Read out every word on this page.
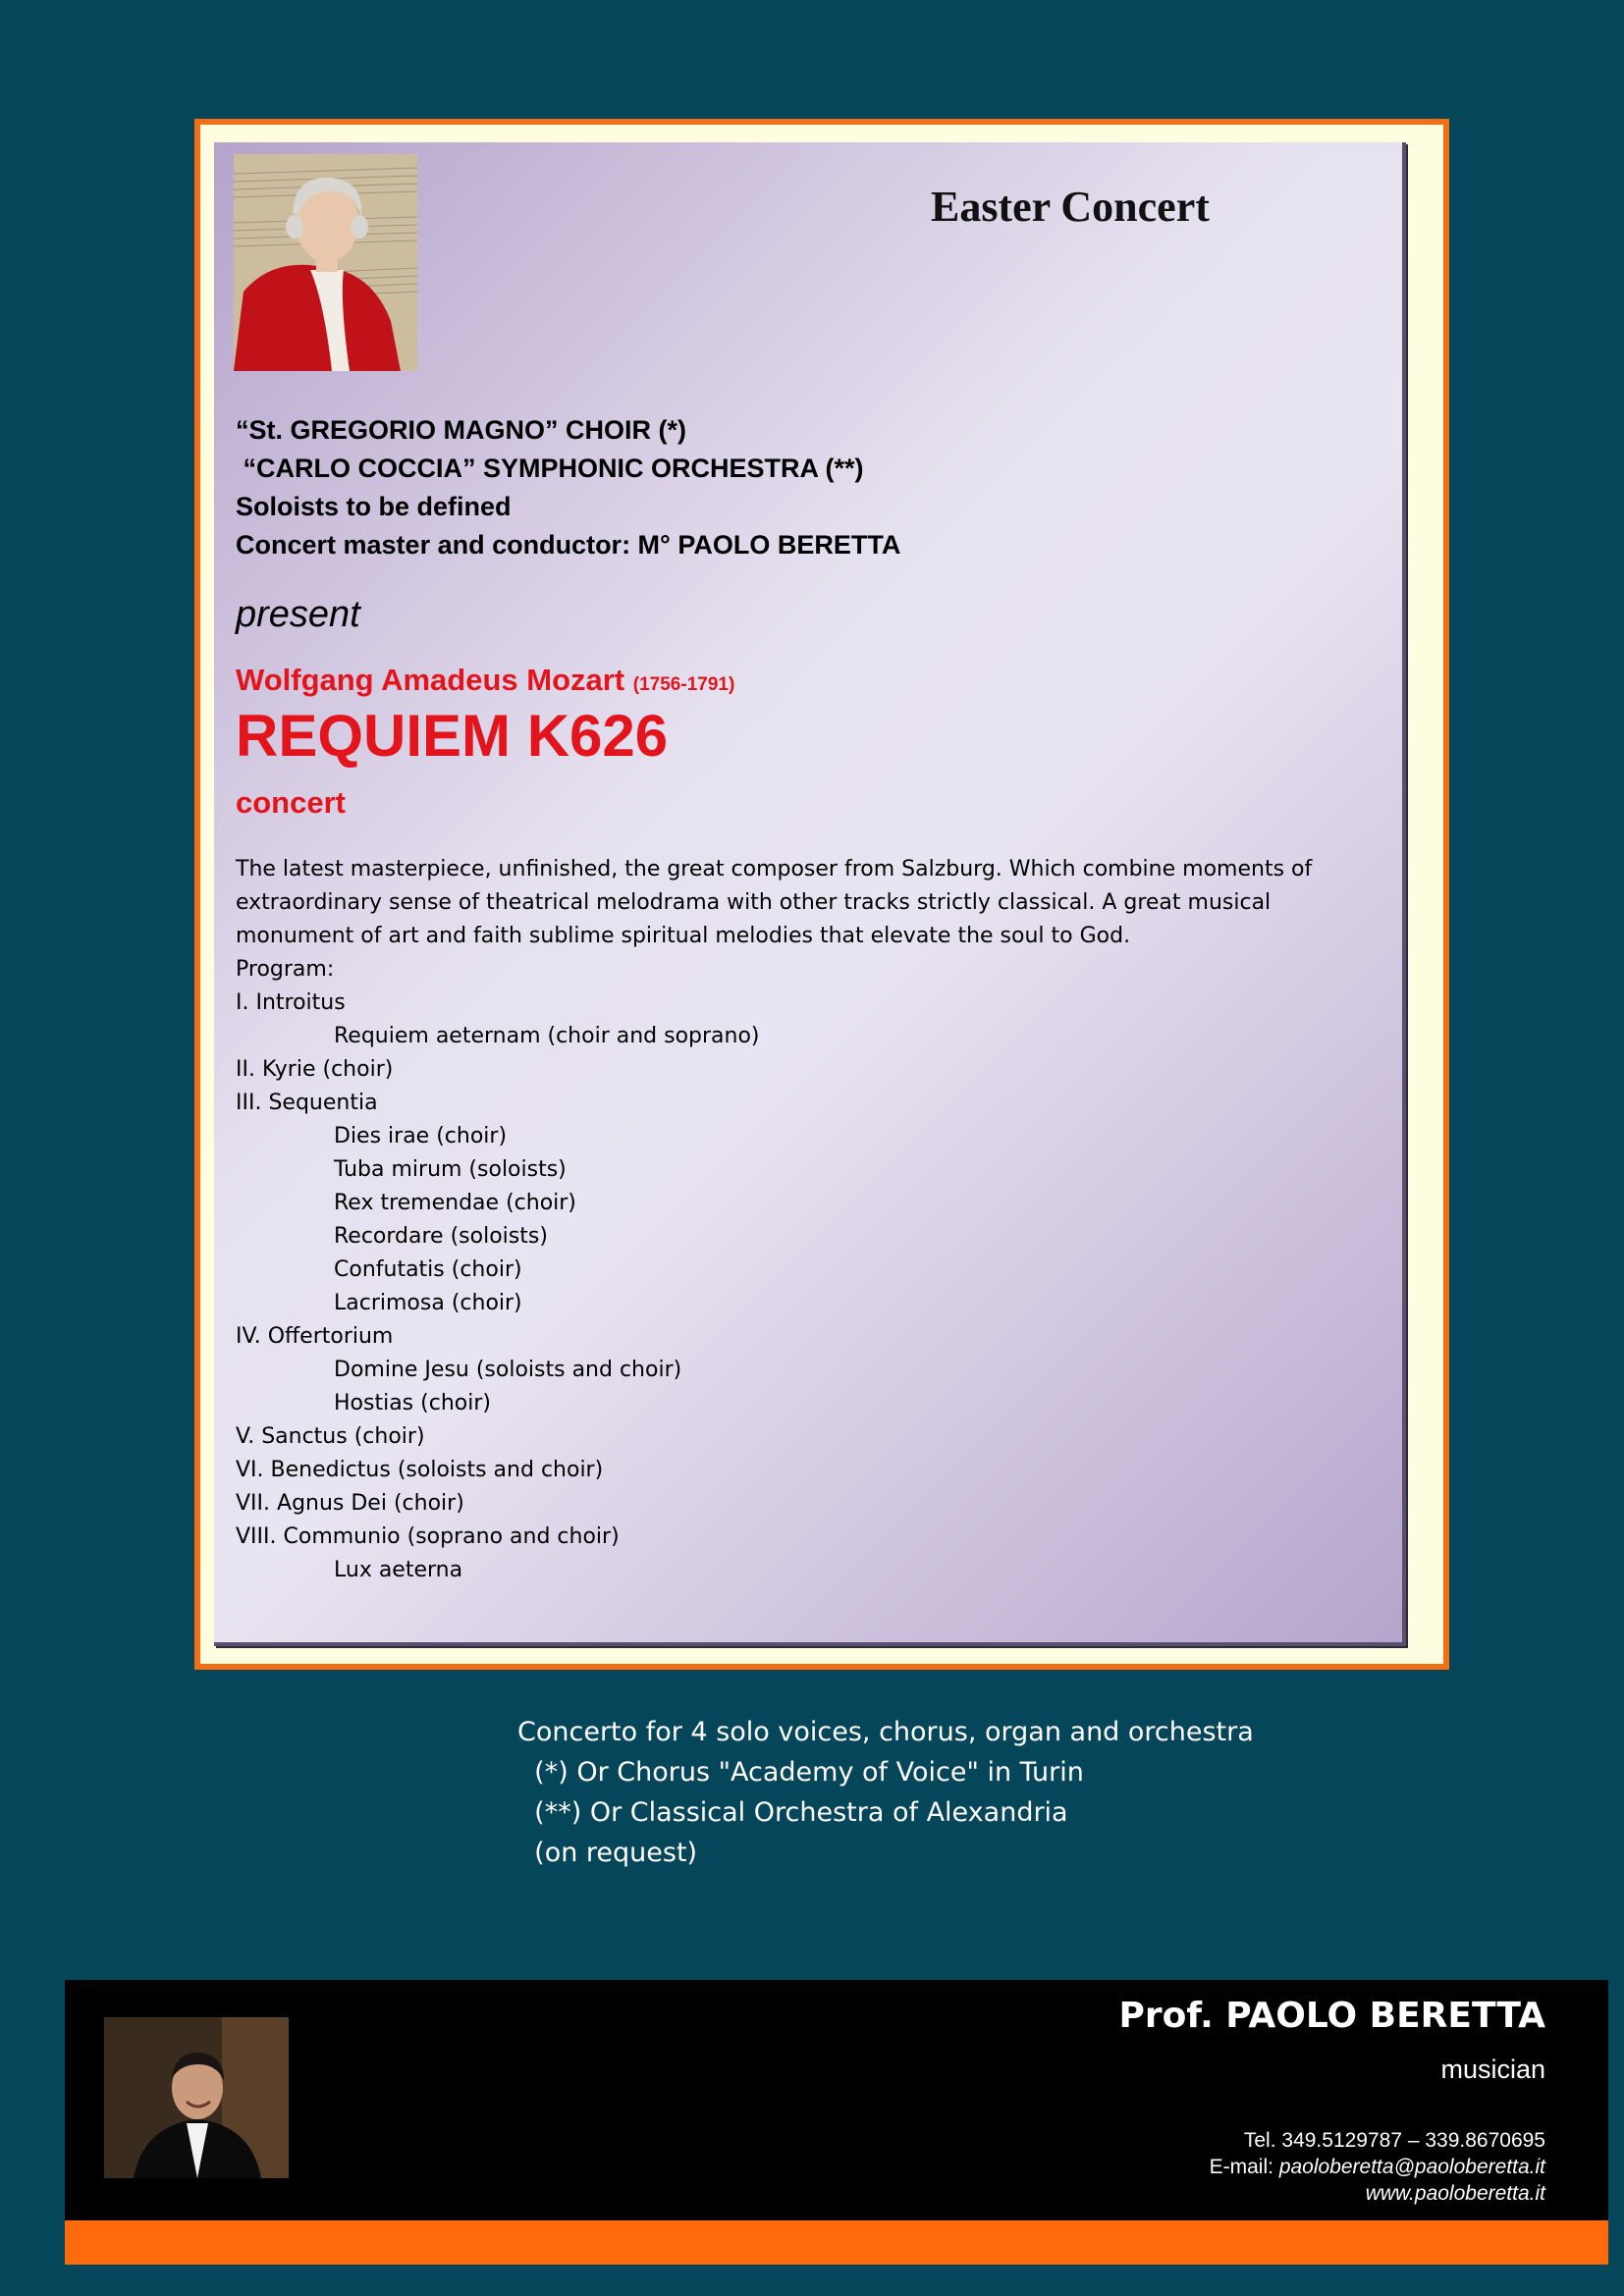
Easter Concert
“St. GREGORIO MAGNO” CHOIR (*)
“CARLO COCCIA” SYMPHONIC ORCHESTRA (**)
Soloists to be defined
Concert master and conductor: M° PAOLO BERETTA
present
Wolfgang Amadeus Mozart (1756-1791)
REQUIEM K626
concert
The latest masterpiece, unfinished, the great composer from Salzburg. Which combine moments of extraordinary sense of theatrical melodrama with other tracks strictly classical. A great musical monument of art and faith sublime spiritual melodies that elevate the soul to God.
Program:
I. Introitus
Requiem aeternam (choir and soprano)
II. Kyrie (choir)
III. Sequentia
Dies irae (choir)
Tuba mirum (soloists)
Rex tremendae (choir)
Recordare (soloists)
Confutatis (choir)
Lacrimosa (choir)
IV. Offertorium
Domine Jesu (soloists and choir)
Hostias (choir)
V. Sanctus (choir)
VI. Benedictus (soloists and choir)
VII. Agnus Dei (choir)
VIII. Communio (soprano and choir)
Lux aeterna
Concerto for 4 solo voices, chorus, organ and orchestra
(*) Or Chorus "Academy of Voice" in Turin
(**) Or Classical Orchestra of Alexandria
(on request)
Prof. PAOLO BERETTA
musician
Tel. 349.5129787 – 339.8670695
E-mail: paoloberetta@paoloberetta.it
www.paoloberetta.it
